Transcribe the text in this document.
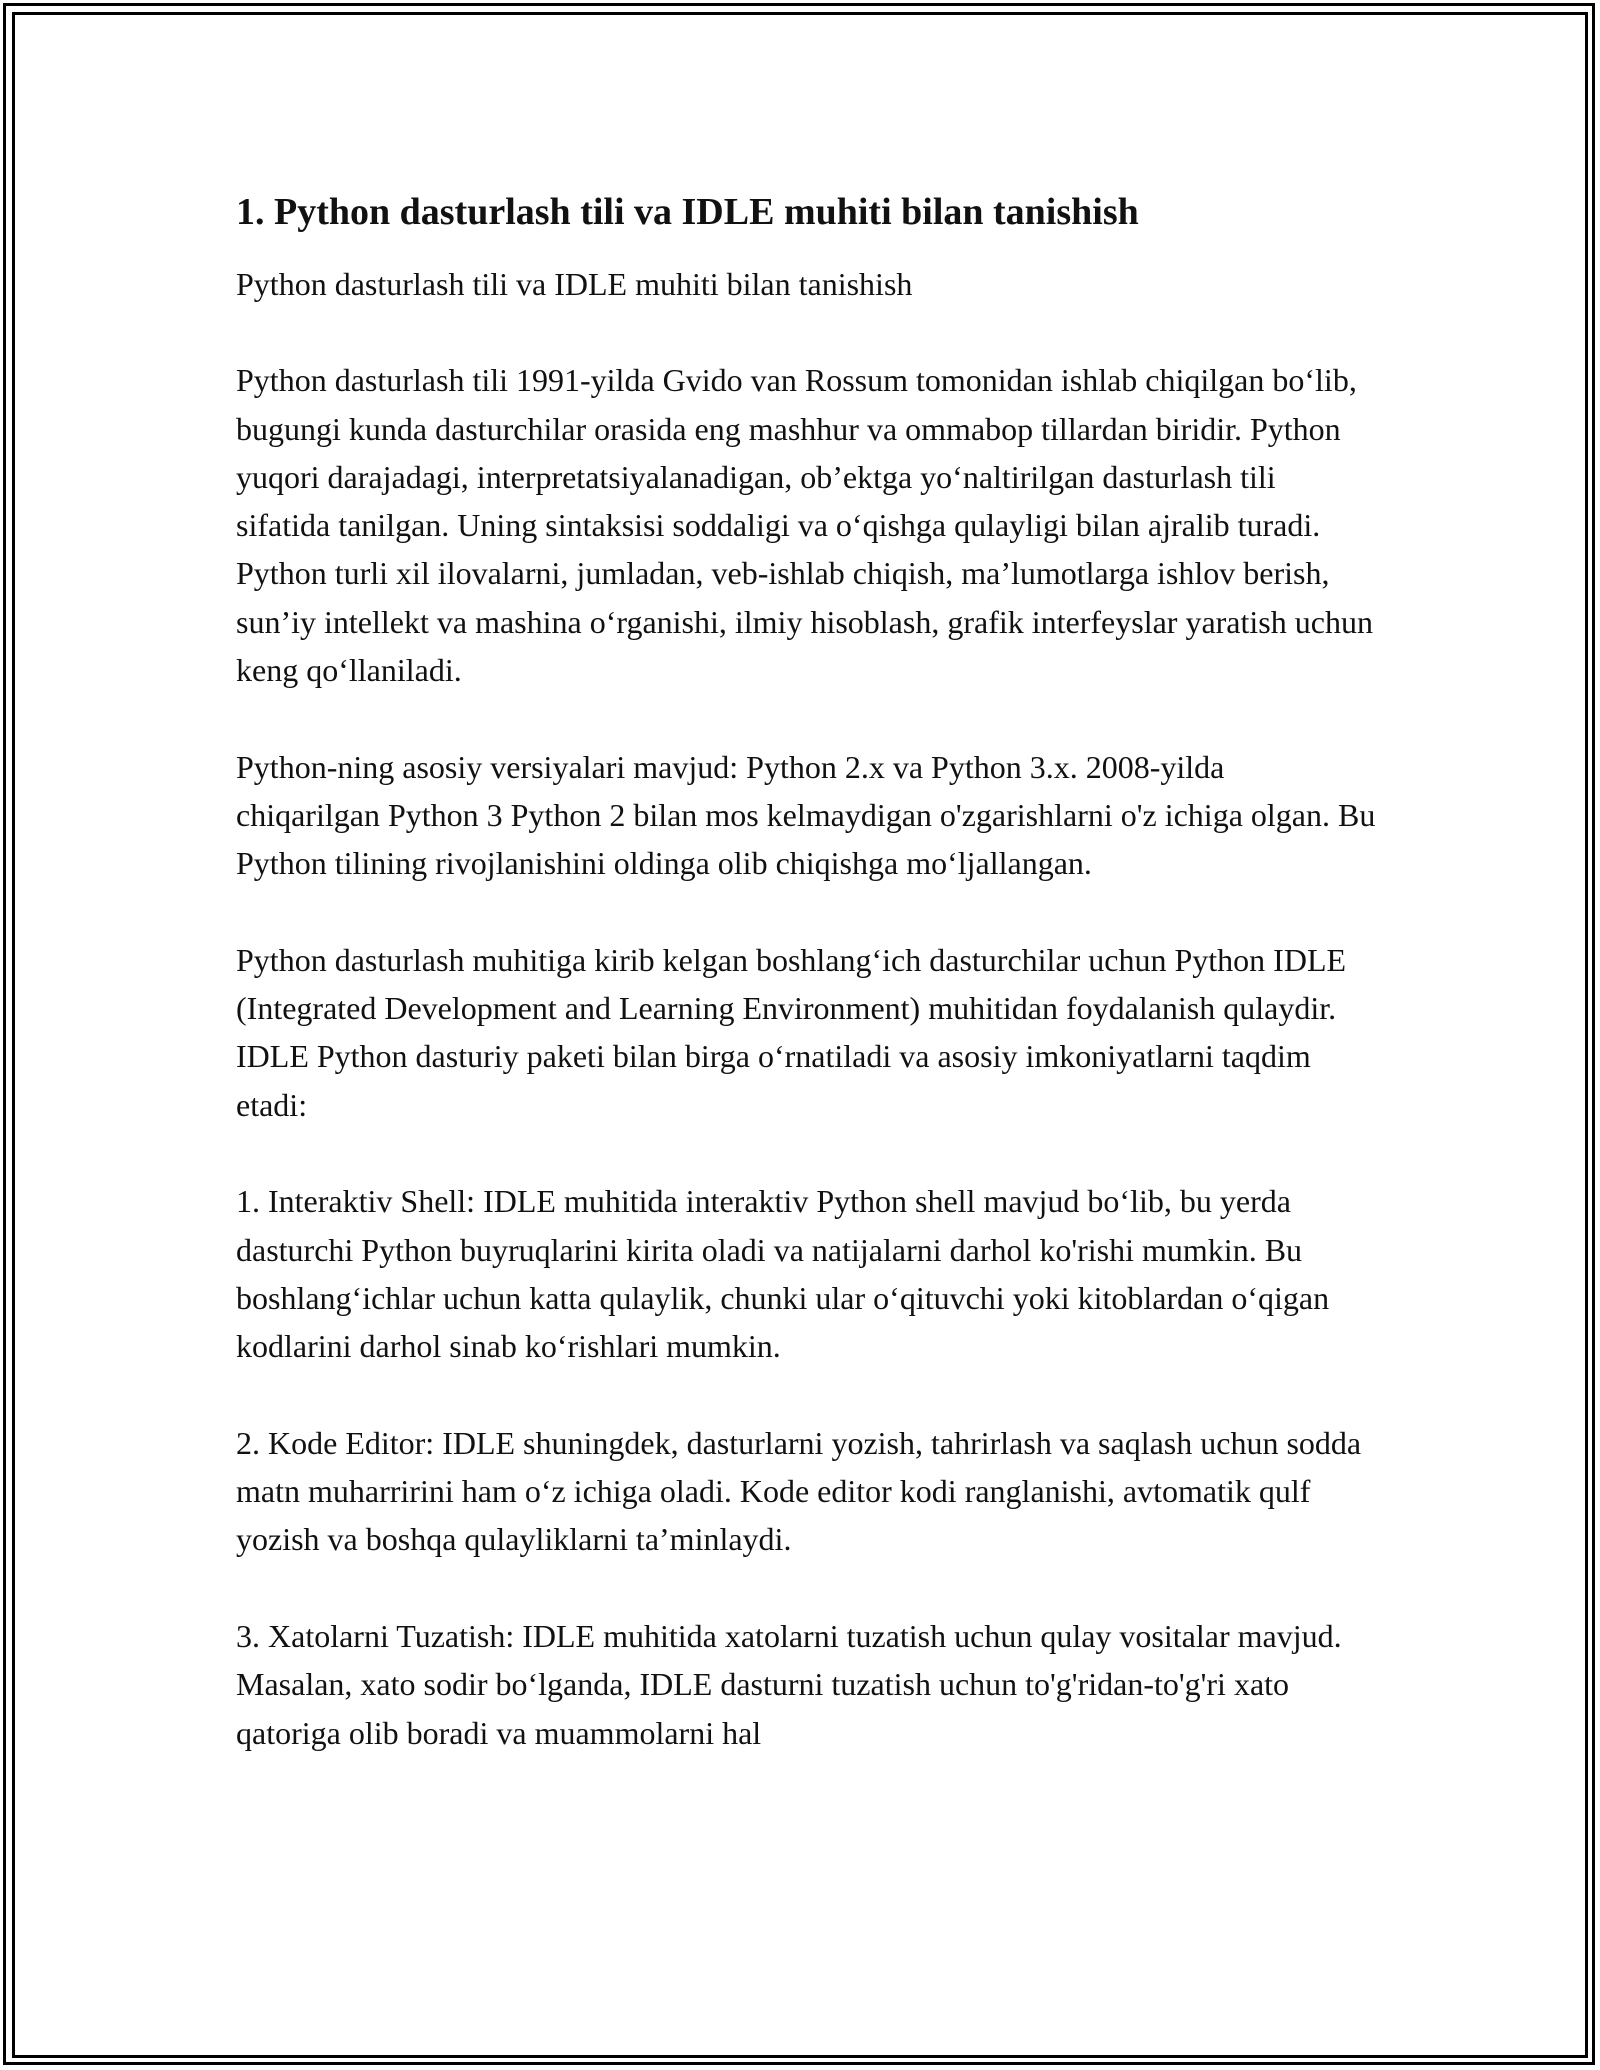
1. Python dasturlash tili va IDLE muhiti bilan tanishish

Python dasturlash tili va IDLE muhiti bilan tanishish

Python dasturlash tili 1991-yilda Gvido van Rossum tomonidan ishlab chiqilgan bo‘lib, bugungi kunda dasturchilar orasida eng mashhur va ommabop tillardan biridir. Python yuqori darajadagi, interpretatsiyalanadigan, ob’ektga yo‘naltirilgan dasturlash tili sifatida tanilgan. Uning sintaksisi soddaligi va o‘qishga qulayligi bilan ajralib turadi. Python turli xil ilovalarni, jumladan, veb-ishlab chiqish, ma’lumotlarga ishlov berish, sun’iy intellekt va mashina o‘rganishi, ilmiy hisoblash, grafik interfeyslar yaratish uchun keng qo‘llaniladi.

Python-ning asosiy versiyalari mavjud: Python 2.x va Python 3.x. 2008-yilda chiqarilgan Python 3 Python 2 bilan mos kelmaydigan o'zgarishlarni o'z ichiga olgan. Bu Python tilining rivojlanishini oldinga olib chiqishga mo‘ljallangan.

Python dasturlash muhitiga kirib kelgan boshlang‘ich dasturchilar uchun Python IDLE (Integrated Development and Learning Environment) muhitidan foydalanish qulaydir. IDLE Python dasturiy paketi bilan birga o‘rnatiladi va asosiy imkoniyatlarni taqdim etadi:

1. Interaktiv Shell: IDLE muhitida interaktiv Python shell mavjud bo‘lib, bu yerda dasturchi Python buyruqlarini kirita oladi va natijalarni darhol ko'rishi mumkin. Bu boshlang‘ichlar uchun katta qulaylik, chunki ular o‘qituvchi yoki kitoblardan o‘qigan kodlarini darhol sinab ko‘rishlari mumkin.

2. Kode Editor: IDLE shuningdek, dasturlarni yozish, tahrirlash va saqlash uchun sodda matn muharririni ham o‘z ichiga oladi. Kode editor kodi ranglanishi, avtomatik qulf yozish va boshqa qulayliklarni ta’minlaydi.

3. Xatolarni Tuzatish: IDLE muhitida xatolarni tuzatish uchun qulay vositalar mavjud. Masalan, xato sodir bo‘lganda, IDLE dasturni tuzatish uchun to'g'ridan-to'g'ri xato qatoriga olib boradi va muammolarni hal
